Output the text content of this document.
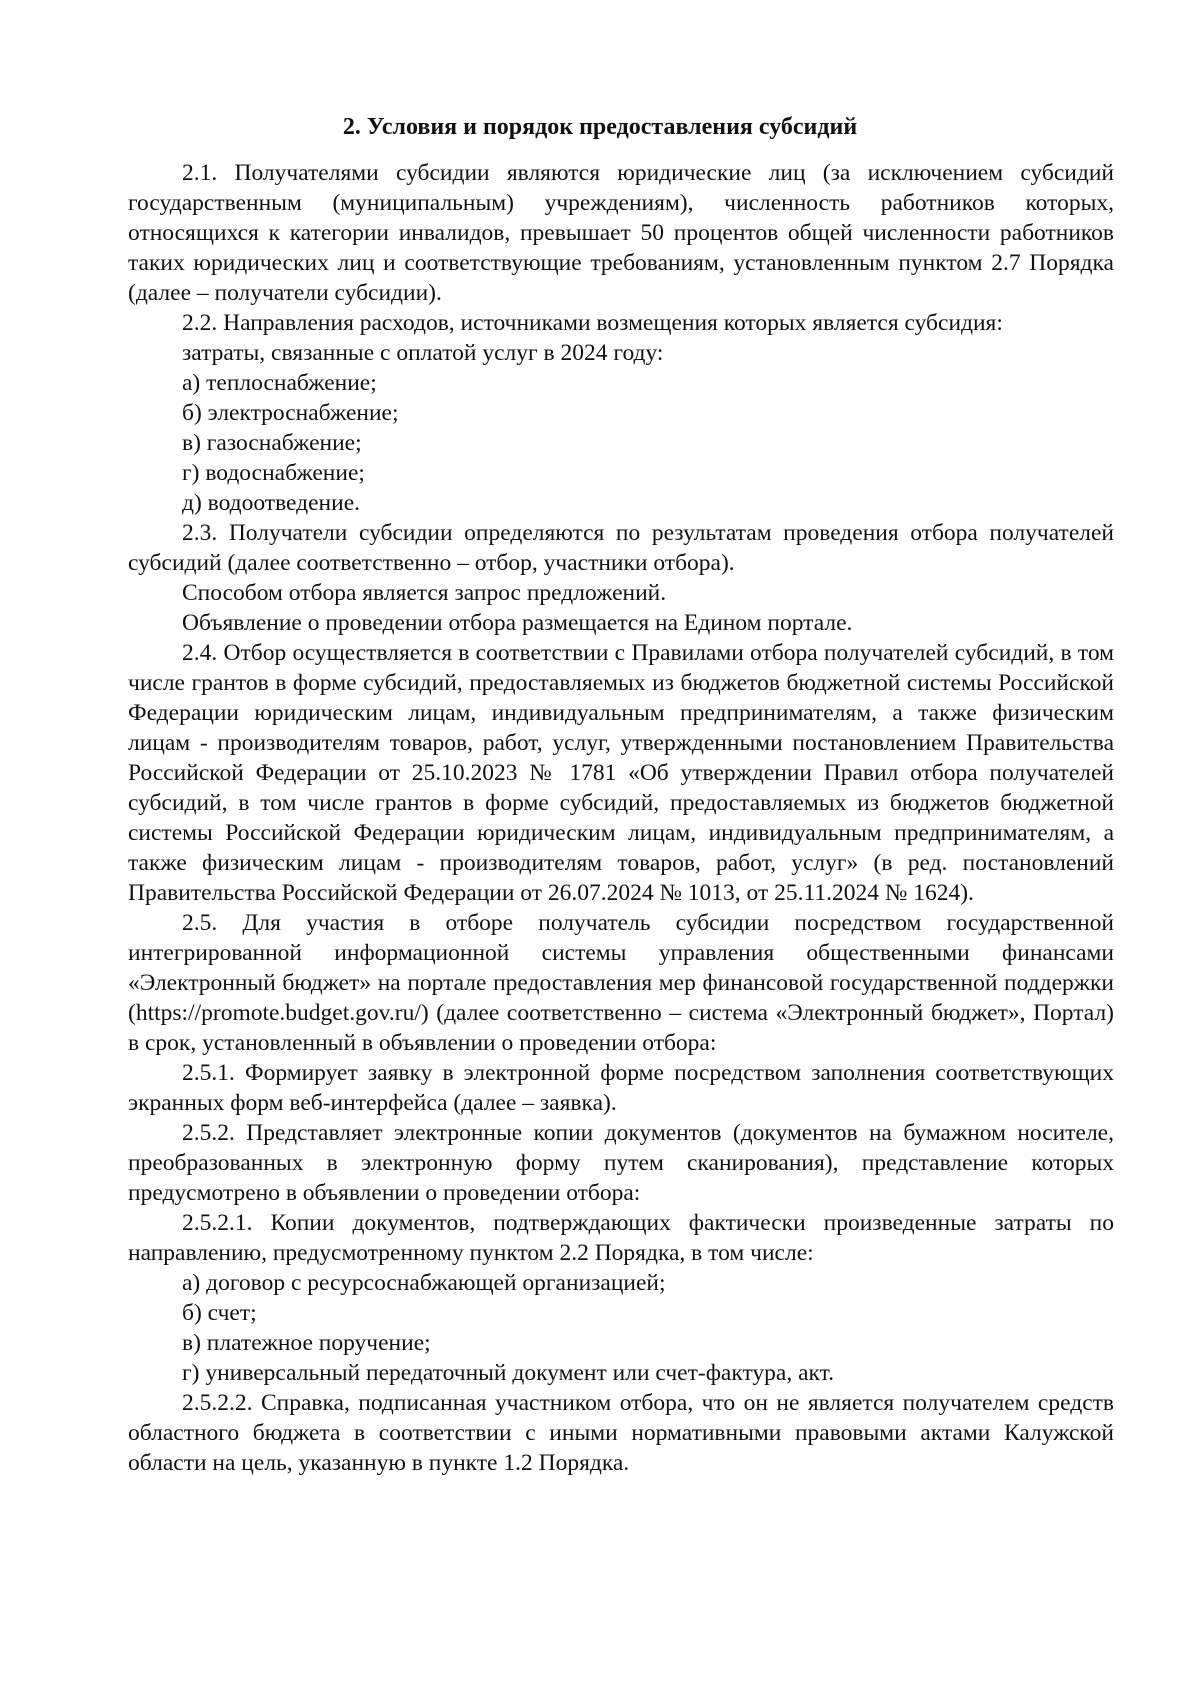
2. Условия и порядок предоставления субсидий

2.1. Получателями субсидии являются юридические лиц (за исключением субсидий государственным (муниципальным) учреждениям), численность работников которых, относящихся к категории инвалидов, превышает 50 процентов общей численности работников таких юридических лиц и соответствующие требованиям, установленным пунктом 2.7 Порядка (далее – получатели субсидии).

2.2. Направления расходов, источниками возмещения которых является субсидия:

затраты, связанные с оплатой услуг в 2024 году:

а) теплоснабжение;

б) электроснабжение;

в) газоснабжение;

г) водоснабжение;

д) водоотведение.

2.3. Получатели субсидии определяются по результатам проведения отбора получателей субсидий (далее соответственно – отбор, участники отбора).

Способом отбора является запрос предложений.

Объявление о проведении отбора размещается на Едином портале.

2.4. Отбор осуществляется в соответствии с Правилами отбора получателей субсидий, в том числе грантов в форме субсидий, предоставляемых из бюджетов бюджетной системы Российской Федерации юридическим лицам, индивидуальным предпринимателям, а также физическим лицам - производителям товаров, работ, услуг, утвержденными постановлением Правительства Российской Федерации от 25.10.2023 № 1781 «Об утверждении Правил отбора получателей субсидий, в том числе грантов в форме субсидий, предоставляемых из бюджетов бюджетной системы Российской Федерации юридическим лицам, индивидуальным предпринимателям, а также физическим лицам - производителям товаров, работ, услуг» (в ред. постановлений Правительства Российской Федерации от 26.07.2024 № 1013, от 25.11.2024 № 1624).

2.5. Для участия в отборе получатель субсидии посредством государственной интегрированной информационной системы управления общественными финансами «Электронный бюджет» на портале предоставления мер финансовой государственной поддержки (https://promote.budget.gov.ru/) (далее соответственно – система «Электронный бюджет», Портал) в срок, установленный в объявлении о проведении отбора:

2.5.1. Формирует заявку в электронной форме посредством заполнения соответствующих экранных форм веб-интерфейса (далее – заявка).

2.5.2. Представляет электронные копии документов (документов на бумажном носителе, преобразованных в электронную форму путем сканирования), представление которых предусмотрено в объявлении о проведении отбора:

2.5.2.1. Копии документов, подтверждающих фактически произведенные затраты по направлению, предусмотренному пунктом 2.2 Порядка, в том числе:

а) договор с ресурсоснабжающей организацией;

б) счет;

в) платежное поручение;

г) универсальный передаточный документ или счет-фактура, акт.

2.5.2.2. Справка, подписанная участником отбора, что он не является получателем средств областного бюджета в соответствии с иными нормативными правовыми актами Калужской области на цель, указанную в пункте 1.2 Порядка.
